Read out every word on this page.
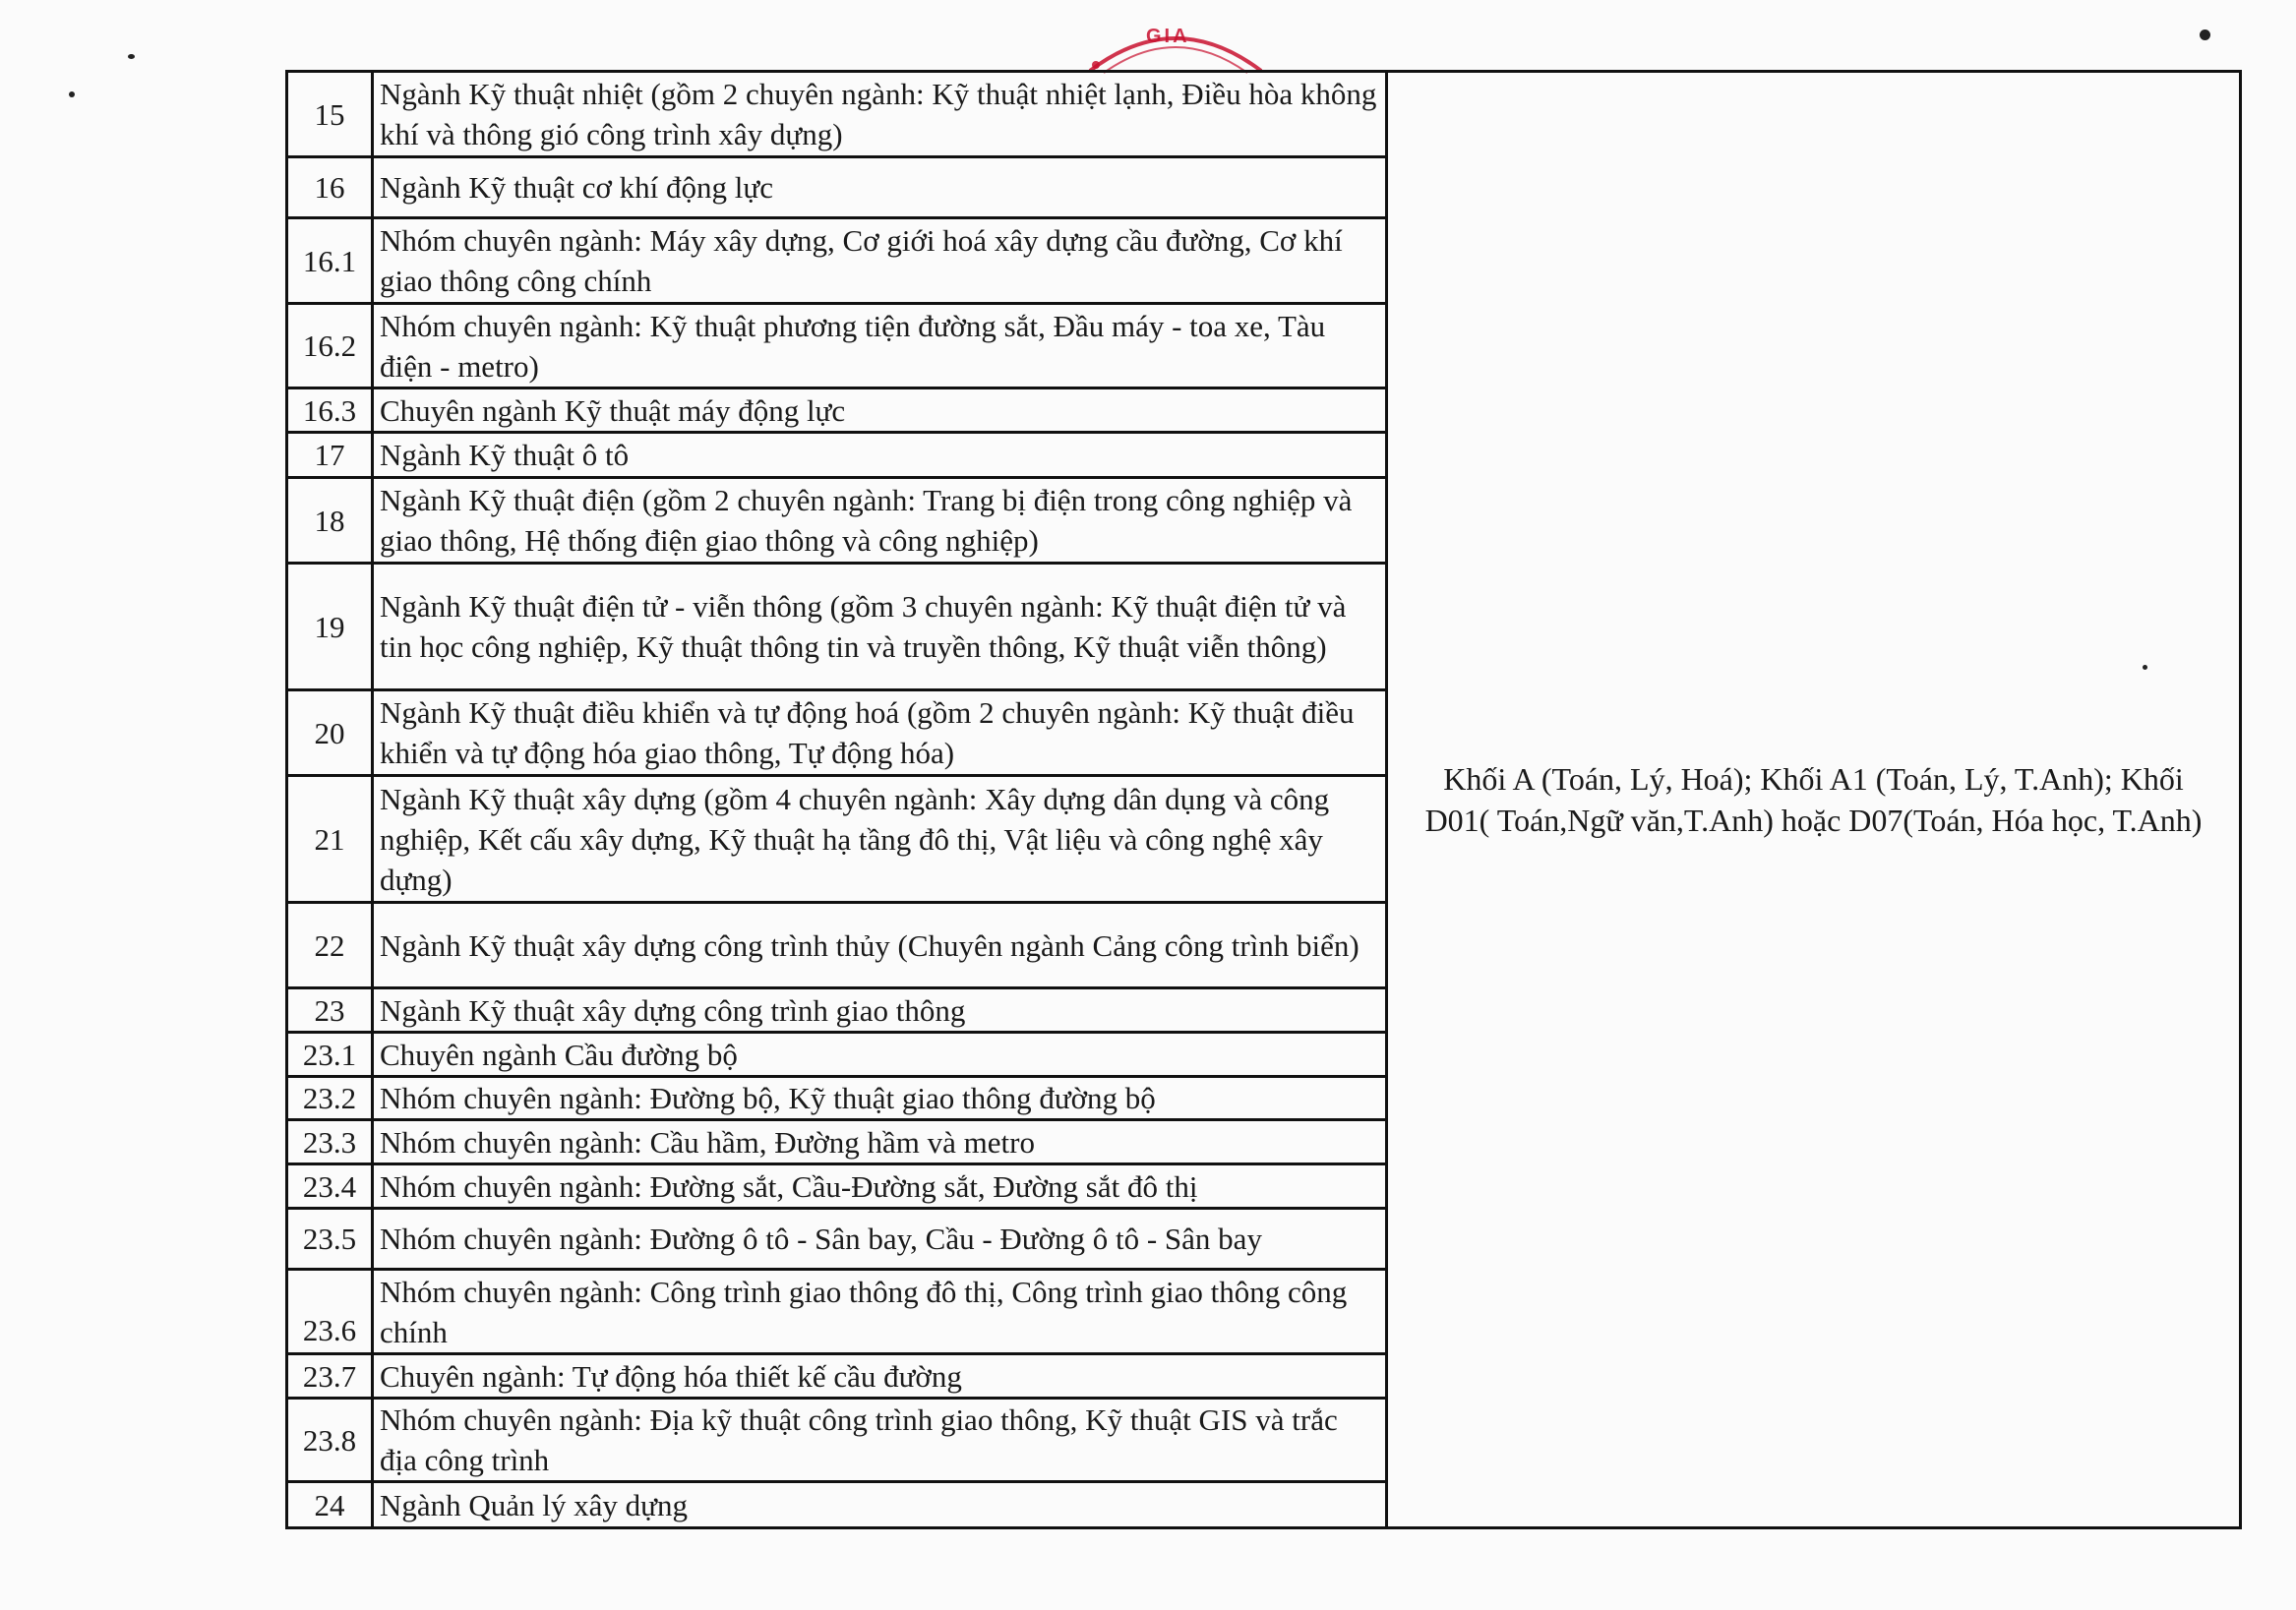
GIA
15	Ngành Kỹ thuật nhiệt (gồm 2 chuyên ngành: Kỹ thuật nhiệt lạnh, Điều hòa không khí và thông gió công trình xây dựng)	Khối A (Toán, Lý, Hoá); Khối A1 (Toán, Lý, T.Anh); Khối D01( Toán,Ngữ văn,T.Anh) hoặc D07(Toán, Hóa học, T.Anh)
16	Ngành Kỹ thuật cơ khí động lực	
16.1	Nhóm chuyên ngành: Máy xây dựng, Cơ giới hoá xây dựng cầu đường, Cơ khí giao thông công chính	
16.2	Nhóm chuyên ngành: Kỹ thuật phương tiện đường sắt, Đầu máy - toa xe, Tàu điện - metro)	
16.3	Chuyên ngành Kỹ thuật máy động lực	
17	Ngành Kỹ thuật ô tô	
18	Ngành Kỹ thuật điện (gồm 2 chuyên ngành: Trang bị điện trong công nghiệp và giao thông, Hệ thống điện giao thông và công nghiệp)	
19	Ngành Kỹ thuật điện tử - viễn thông (gồm 3 chuyên ngành: Kỹ thuật điện tử và tin học công nghiệp, Kỹ thuật thông tin và truyền thông, Kỹ thuật viễn thông)	
20	Ngành Kỹ thuật điều khiển và tự động hoá (gồm 2 chuyên ngành: Kỹ thuật điều khiển và tự động hóa giao thông, Tự động hóa)	
21	Ngành Kỹ thuật xây dựng (gồm 4 chuyên ngành: Xây dựng dân dụng và công nghiệp, Kết cấu xây dựng, Kỹ thuật hạ tầng đô thị, Vật liệu và công nghệ xây dựng)	
22	Ngành Kỹ thuật xây dựng công trình thủy (Chuyên ngành Cảng công trình biển)	
23	Ngành Kỹ thuật xây dựng công trình giao thông	
23.1	Chuyên ngành Cầu đường bộ	
23.2	Nhóm chuyên ngành: Đường bộ, Kỹ thuật giao thông đường bộ	
23.3	Nhóm chuyên ngành: Cầu hầm, Đường hầm và metro	
23.4	Nhóm chuyên ngành: Đường sắt, Cầu-Đường sắt, Đường sắt đô thị	
23.5	Nhóm chuyên ngành: Đường ô tô - Sân bay, Cầu - Đường ô tô - Sân bay	
23.6	Nhóm chuyên ngành: Công trình giao thông đô thị, Công trình giao thông công chính	
23.7	Chuyên ngành: Tự động hóa thiết kế cầu đường	
23.8	Nhóm chuyên ngành: Địa kỹ thuật công trình giao thông, Kỹ thuật GIS và trắc địa công trình	
24	Ngành Quản lý xây dựng	
